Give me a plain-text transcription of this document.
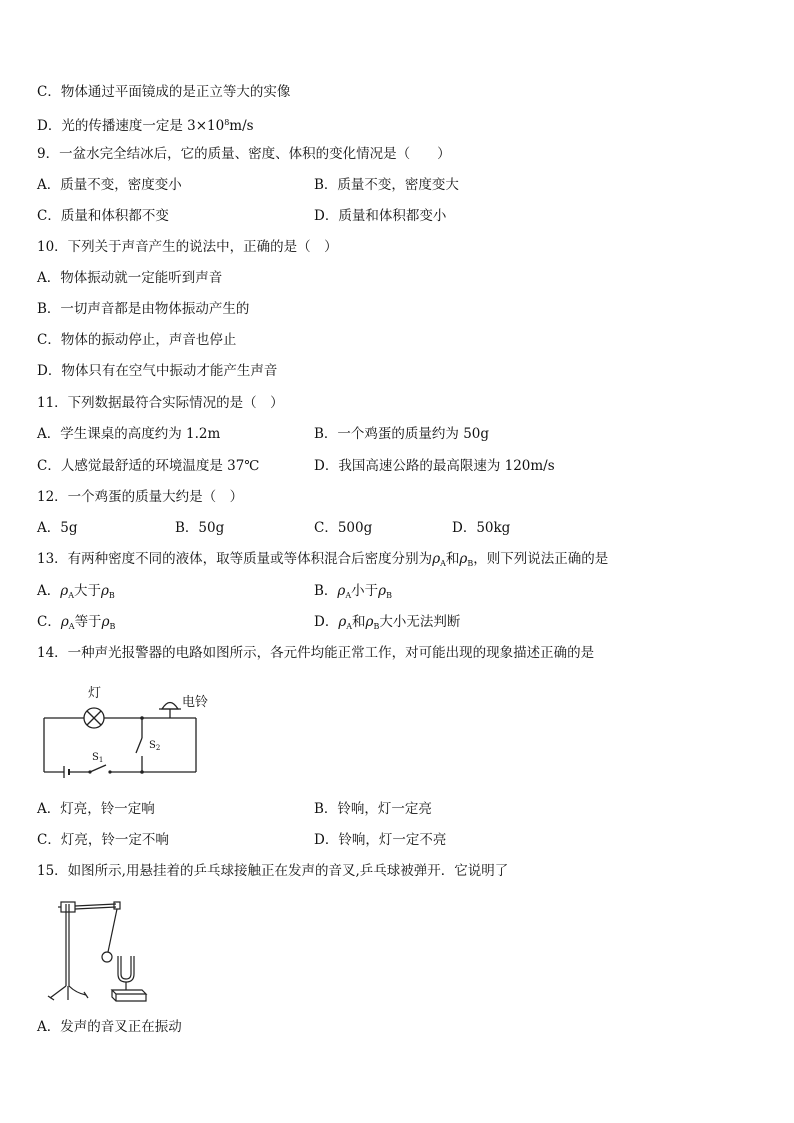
C．物体通过平面镜成的是正立等大的实像
D．光的传播速度一定是 $3\times 10^8m/s$
9．一盆水完全结冰后，它的质量、密度、体积的变化情况是（　　）
A．质量不变，密度变小	B．质量不变，密度变大
C．质量和体积都不变	D．质量和体积都变小
10．下列关于声音产生的说法中，正确的是（　）
A．物体振动就一定能听到声音
B．一切声音都是由物体振动产生的
C．物体的振动停止，声音也停止
D．物体只有在空气中振动才能产生声音
11．下列数据最符合实际情况的是（　）
A．学生课桌的高度约为 1.2m	B．一个鸡蛋的质量约为 50g
C．人感觉最舒适的环境温度是 37℃	D．我国高速公路的最高限速为 120m/s
12．一个鸡蛋的质量大约是（　）
A．5g	B．50g	C．500g	D．50kg
13．有两种密度不同的液体，取等质量或等体积混合后密度分别为$\rho_A$和$\rho_B$，则下列说法正确的是
A．$\rho_A$大于$\rho_B$	B．$\rho_A$小于$\rho_B$
C．$\rho_A$等于$\rho_B$	D．$\rho_A$和$\rho_B$大小无法判断
14．一种声光报警器的电路如图所示，各元件均能正常工作，对可能出现的现象描述正确的是
灯
电铃
$S_1$
$S_2$
A．灯亮，铃一定响	B．铃响，灯一定亮
C．灯亮，铃一定不响	D．铃响，灯一定不亮
15．如图所示,用悬挂着的乒乓球接触正在发声的音叉,乒乓球被弹开．它说明了
A．发声的音叉正在振动
